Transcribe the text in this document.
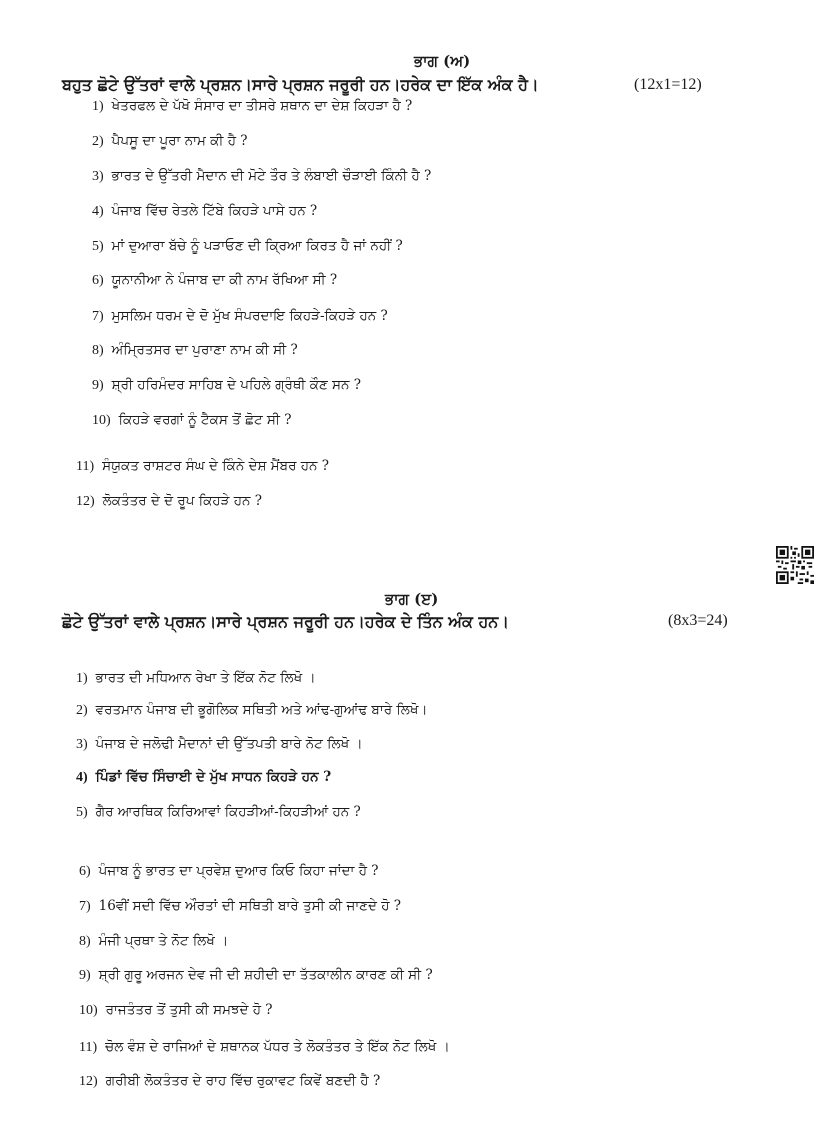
ਭਾਗ (ਅ)
ਬਹੁਤ ਛੋਟੇ ਉੱਤਰਾਂ ਵਾਲੇ ਪ੍ਰਸ਼ਨ।ਸਾਰੇ ਪ੍ਰਸ਼ਨ ਜਰੂਰੀ ਹਨ।ਹਰੇਕ ਦਾ ਇੱਕ ਅੰਕ ਹੈ।	(12x1=12)
1) ਖੇਤਰਫਲ ਦੇ ਪੱਖੋ ਸੰਸਾਰ ਦਾ ਤੀਸਰੇ ਸ਼ਥਾਨ ਦਾ ਦੇਸ਼ ਕਿਹੜਾ ਹੈ ?
2) ਪੈਪਸੂ ਦਾ ਪੂਰਾ ਨਾਮ ਕੀ ਹੈ ?
3) ਭਾਰਤ ਦੇ ਉੱਤਰੀ ਮੈਦਾਨ ਦੀ ਮੋਟੇ ਤੌਰ ਤੇ ਲੰਬਾਈ ਚੌੜਾਈ ਕਿੰਨੀ ਹੈ ?
4) ਪੰਜਾਬ ਵਿੱਚ ਰੇਤਲੇ ਟਿੱਬੇ ਕਿਹੜੇ ਪਾਸੇ ਹਨ ?
5) ਮਾਂ ਦੁਆਰਾ ਬੱਚੇ ਨੂੰ ਪੜਾਓਣ ਦੀ ਕ੍ਰਿਆ ਕਿਰਤ ਹੈ ਜਾਂ ਨਹੀਂ ?
6) ਯੂਨਾਨੀਆ ਨੇ ਪੰਜਾਬ ਦਾ ਕੀ ਨਾਮ ਰੱਖਿਆ ਸੀ ?
7) ਮੁਸਲਿਮ ਧਰਮ ਦੇ ਦੋ ਮੁੱਖ ਸੰਪਰਦਾਇ ਕਿਹੜੇ-ਕਿਹੜੇ ਹਨ ?
8) ਅੰਮ੍ਰਿਤਸਰ ਦਾ ਪੁਰਾਣਾ ਨਾਮ ਕੀ ਸੀ ?
9) ਸ਼੍ਰੀ ਹਰਿਮੰਦਰ ਸਾਹਿਬ ਦੇ ਪਹਿਲੇ ਗ੍ਰੰਥੀ ਕੌਣ ਸਨ ?
10) ਕਿਹੜੇ ਵਰਗਾਂ ਨੂੰ ਟੈਕਸ ਤੋਂ ਛੋਟ ਸੀ ?
11) ਸੰਯੁਕਤ ਰਾਸ਼ਟਰ ਸੰਘ ਦੇ ਕਿੰਨੇ ਦੇਸ਼ ਮੈਂਬਰ ਹਨ ?
12) ਲੋਕਤੰਤਰ ਦੇ ਦੋ ਰੂਪ ਕਿਹੜੇ ਹਨ ?
ਭਾਗ (ੲ)
ਛੋਟੇ ਉੱਤਰਾਂ ਵਾਲੇ ਪ੍ਰਸ਼ਨ।ਸਾਰੇ ਪ੍ਰਸ਼ਨ ਜਰੂਰੀ ਹਨ।ਹਰੇਕ ਦੇ ਤਿੰਨ ਅੰਕ ਹਨ।	(8x3=24)
1) ਭਾਰਤ ਦੀ ਮਧਿਆਨ ਰੇਖਾ ਤੇ ਇੱਕ ਨੋਟ ਲਿਖੋ ।
2) ਵਰਤਮਾਨ ਪੰਜਾਬ ਦੀ ਭੂਗੋਲਿਕ ਸਥਿਤੀ ਅਤੇ ਆਂਢ-ਗੁਆਂਢ ਬਾਰੇ ਲਿਖੋ।
3) ਪੰਜਾਬ ਦੇ ਜਲੋਢੀ ਮੈਦਾਨਾਂ ਦੀ ਉੱਤਪਤੀ ਬਾਰੇ ਨੋਟ ਲਿਖੋ ।
4) ਪਿੰਡਾਂ ਵਿੱਚ ਸਿੰਚਾਈ ਦੇ ਮੁੱਖ ਸਾਧਨ ਕਿਹੜੇ ਹਨ ?
5) ਗੈਰ ਆਰਥਿਕ ਕਿਰਿਆਵਾਂ ਕਿਹੜੀਆਂ-ਕਿਹੜੀਆਂ ਹਨ ?
6) ਪੰਜਾਬ ਨੂੰ ਭਾਰਤ ਦਾ ਪ੍ਰਵੇਸ਼ ਦੁਆਰ ਕਿਓ ਕਿਹਾ ਜਾਂਦਾ ਹੈ ?
7) 16ਵੀਂ ਸਦੀ ਵਿੱਚ ਔਰਤਾਂ ਦੀ ਸਥਿਤੀ ਬਾਰੇ ਤੁਸੀ ਕੀ ਜਾਣਦੇ ਹੋ ?
8) ਮੰਜੀ ਪ੍ਰਥਾ ਤੇ ਨੋਟ ਲਿਖੋ ।
9) ਸ਼੍ਰੀ ਗੁਰੂ ਅਰਜਨ ਦੇਵ ਜੀ ਦੀ ਸ਼ਹੀਦੀ ਦਾ ਤੱਤਕਾਲੀਨ ਕਾਰਣ ਕੀ ਸੀ ?
10) ਰਾਜਤੰਤਰ ਤੋਂ ਤੁਸੀ ਕੀ ਸਮਝਦੇ ਹੋ ?
11) ਚੋਲ ਵੰਸ਼ ਦੇ ਰਾਜਿਆਂ ਦੇ ਸ਼ਥਾਨਕ ਪੱਧਰ ਤੇ ਲੋਕਤੰਤਰ ਤੇ ਇੱਕ ਨੋਟ ਲਿਖੋ ।
12) ਗਰੀਬੀ ਲੋਕਤੰਤਰ ਦੇ ਰਾਹ ਵਿੱਚ ਰੁਕਾਵਟ ਕਿਵੇਂ ਬਣਦੀ ਹੈ ?
